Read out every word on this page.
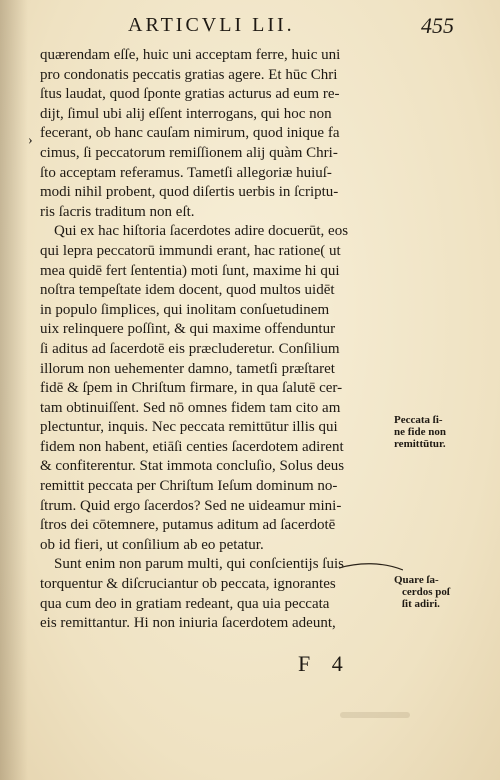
ARTICVLI LII.	455
›
quærendam eſſe, huic uni acceptam ferre, huic uni
pro condonatis peccatis gratias agere. Et hūc Chri
ſtus laudat, quod ſponte gratias acturus ad eum re-
dijt, ſimul ubi alij eſſent interrogans, qui hoc non
fecerant, ob hanc cauſam nimirum, quod inique fa
cimus, ſi peccatorum remiſſionem alij quàm Chri-
ſto acceptam referamus. Tametſi allegoriæ huiuſ-
modi nihil probent, quod diſertis uerbis in ſcriptu-
ris ſacris traditum non eſt.
Qui ex hac hiſtoria ſacerdotes adire docuerūt, eos
qui lepra peccatorū immundi erant, hac ratione( ut
mea quidē fert ſententia) moti ſunt, maxime hi qui
noſtra tempeſtate idem docent, quod multos uidēt
in populo ſimplices, qui inolitam conſuetudinem
uix relinquere poſſint, & qui maxime offenduntur
ſi aditus ad ſacerdotē eis præcluderetur. Conſilium
illorum non uehementer damno, tametſi præſtaret
fidē & ſpem in Chriſtum firmare, in qua ſalutē cer-
tam obtinuiſſent. Sed nō omnes fidem tam cito am
plectuntur, inquis. Nec peccata remittūtur illis qui
fidem non habent, etiāſi centies ſacerdotem adirent
& confiterentur. Stat immota concluſio, Solus deus
remittit peccata per Chriſtum Ieſum dominum no-
ſtrum. Quid ergo ſacerdos? Sed ne uideamur mini-
ſtros dei cōtemnere, putamus aditum ad ſacerdotē
ob id fieri, ut conſilium ab eo petatur.
Sunt enim non parum multi, qui conſcientijs ſuis
torquentur & diſcruciantur ob peccata, ignorantes
qua cum deo in gratiam redeant, qua uia peccata
eis remittantur. Hi non iniuria ſacerdotem adeunt,
Peccata ſi-
ne fide non
remittūtur.
Quare ſa-
cerdos poſ
ſit adiri.
F 4
